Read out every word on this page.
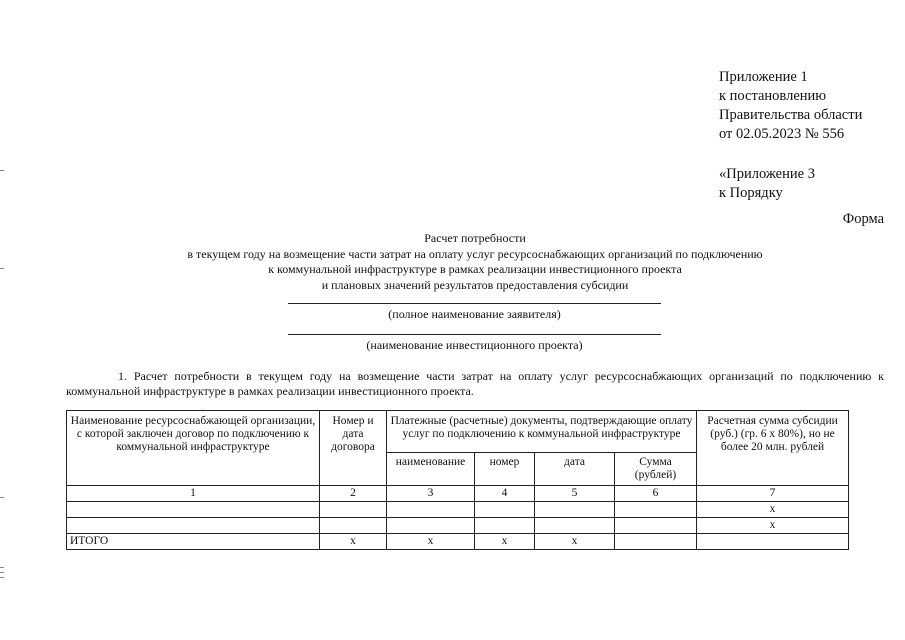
Приложение 1
к постановлению
Правительства области
от 02.05.2023 № 556
«Приложение 3
к Порядку
Форма
Расчет потребности
в текущем году на возмещение части затрат на оплату услуг ресурсоснабжающих организаций по подключению
к коммунальной инфраструктуре в рамках реализации инвестиционного проекта
и плановых значений результатов предоставления субсидии
(полное наименование заявителя)
(наименование инвестиционного проекта)
1. Расчет потребности в текущем году на возмещение части затрат на оплату услуг ресурсоснабжающих организаций по подключению к коммунальной инфраструктуре в рамках реализации инвестиционного проекта.
Наименование ресурсоснабжающей организации, с которой заключен договор по подключению к коммунальной инфраструктуре	Номер и дата договора	Платежные (расчетные) документы, подтверждающие оплату услуг по подключению к коммунальной инфраструктуре				Расчетная сумма субсидии (руб.) (гр. 6 x 80%), но не более 20 млн. рублей
		наименование	номер	дата	Сумма (рублей)	
1	2	3	4	5	6	7
						x
						x
ИТОГО	x	x	x	x		
